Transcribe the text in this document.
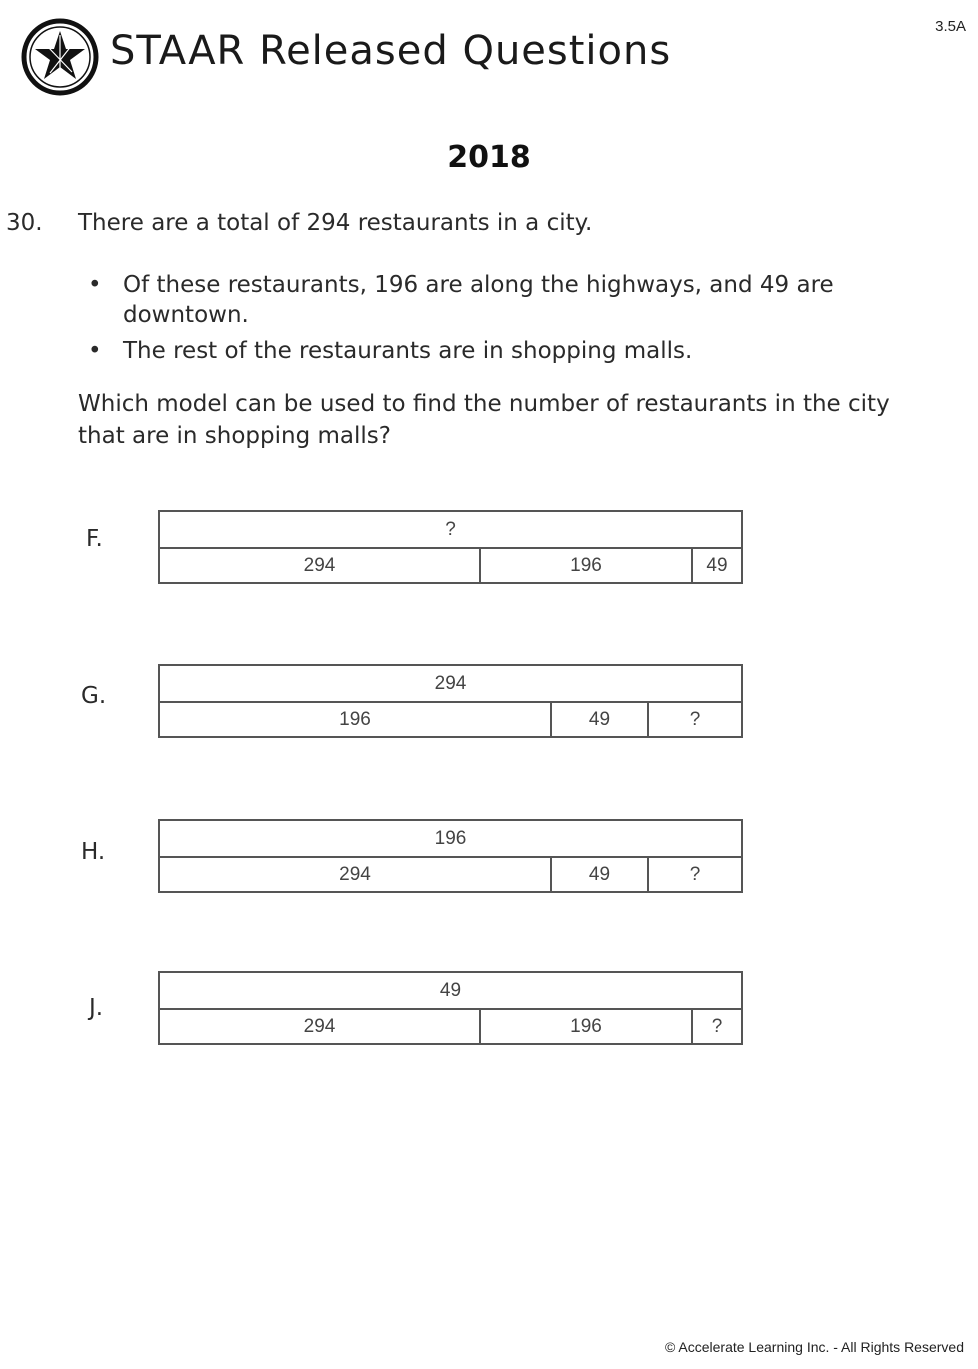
STAAR Released Questions
3.5A
2018
30. There are a total of 294 restaurants in a city.
• Of these restaurants, 196 are along the highways, and 49 are downtown.
• The rest of the restaurants are in shopping malls.
Which model can be used to find the number of restaurants in the city that are in shopping malls?
F.	?
294	196	49
G.	294
196	49	?
H.
196
294	49	?
J.
49
294	196	?
© Accelerate Learning Inc. - All Rights Reserved
